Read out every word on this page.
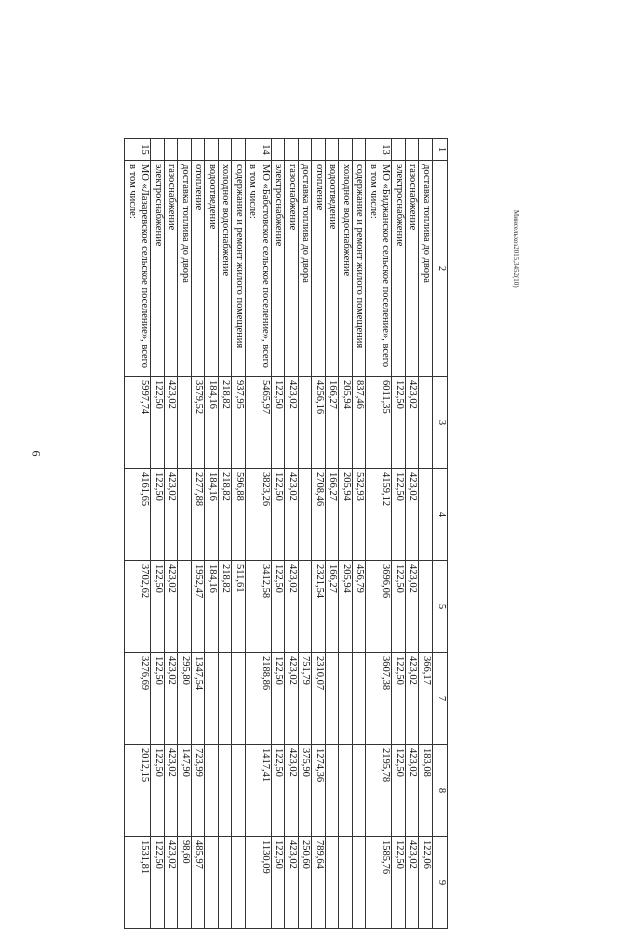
6
Минсельхоз2015,3452(10)
1	2	3	4	5	7	8	9
	доставка топлива до двора				366,17	183,08	122,06
	газоснабжение	423,02	423,02	423,02	423,02	423,02	423,02
	электроснабжение	122,50	122,50	122,50	122,50	122,50	122,50
13	МО «Биджанское сельское поселение», всего в том числе:	6011,35	4159,12	3696,06	3607,38	2195,78	1585,76
	содержание и ремонт жилого помещения	837,46	532,93	456,79			
	холодное водоснабжение	205,94	205,94	205,94			
	водоотведение	166,27	166,27	166,27			
	отопление	4256,16	2708,46	2321,54	2310,07	1274,36	789,64
	доставка топлива до двора				751,79	375,90	250,60
	газоснабжение	423,02	423,02	423,02	423,02	423,02	423,02
	электроснабжение	122,50	122,50	122,50	122,50	122,50	122,50
14	МО «Бабстовское сельское поселение», всего в том числе:	5465,97	3823,26	3412,58	2188,86	1417,41	1130,09
	содержание и ремонт жилого помещения	937,95	596,88	511,61			
	холодное водоснабжение	218,82	218,82	218,82			
	водоотведение	184,16	184,16	184,16			
	отопление	3579,52	2277,88	1952,47	1347,54	723,99	485,97
	доставка топлива до двора				295,80	147,90	98,60
	газоснабжение	423,02	423,02	423,02	423,02	423,02	423,02
	электроснабжение	122,50	122,50	122,50	122,50	122,50	122,50
15	МО «Лазаревское сельское поселение», всего в том числе:	5997,74	4161,65	3702,62	3276,69	2012,15	1531,81
